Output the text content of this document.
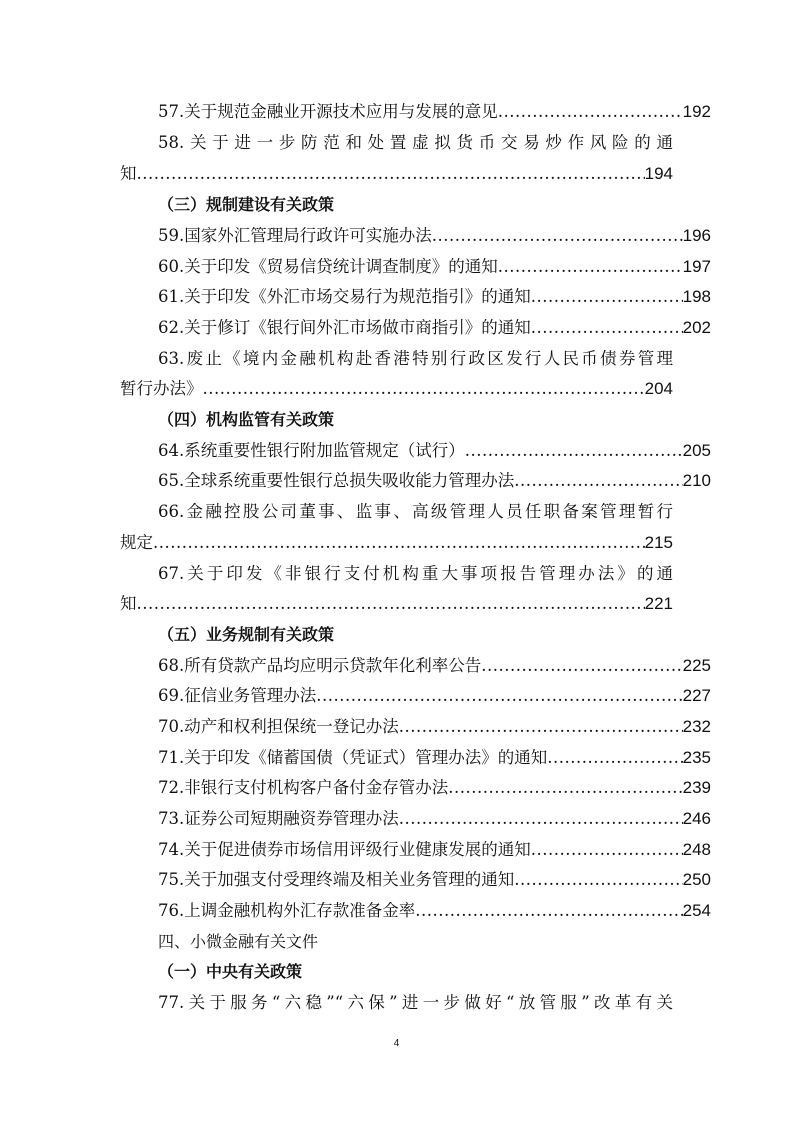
57.关于规范金融业开源技术应用与发展的意见 .....	192
58.关于进一步防范和处置虚拟货币交易炒作风险的通
知 .....	194
（三）规制建设有关政策
59.国家外汇管理局行政许可实施办法 .....	196
60.关于印发《贸易信贷统计调查制度》的通知 .....	197
61.关于印发《外汇市场交易行为规范指引》的通知 .....	198
62.关于修订《银行间外汇市场做市商指引》的通知 .....	202
63.废止《境内金融机构赴香港特别行政区发行人民币债券管理
暂行办法》 .....	204
（四）机构监管有关政策
64.系统重要性银行附加监管规定（试行） .....	205
65.全球系统重要性银行总损失吸收能力管理办法 .....	210
66.金融控股公司董事、监事、高级管理人员任职备案管理暂行
规定 .....	215
67.关于印发《非银行支付机构重大事项报告管理办法》的通
知 .....	221
（五）业务规制有关政策
68.所有贷款产品均应明示贷款年化利率公告 .....	225
69.征信业务管理办法 .....	227
70.动产和权利担保统一登记办法 .....	232
71.关于印发《储蓄国债（凭证式）管理办法》的通知 .....	235
72.非银行支付机构客户备付金存管办法 .....	239
73.证券公司短期融资券管理办法 .....	246
74.关于促进债券市场信用评级行业健康发展的通知 .....	248
75.关于加强支付受理终端及相关业务管理的通知 .....	250
76.上调金融机构外汇存款准备金率 .....	254
四、小微金融有关文件
（一）中央有关政策
77.关于服务“六稳”“六保”进一步做好“放管服”改革有关
4
